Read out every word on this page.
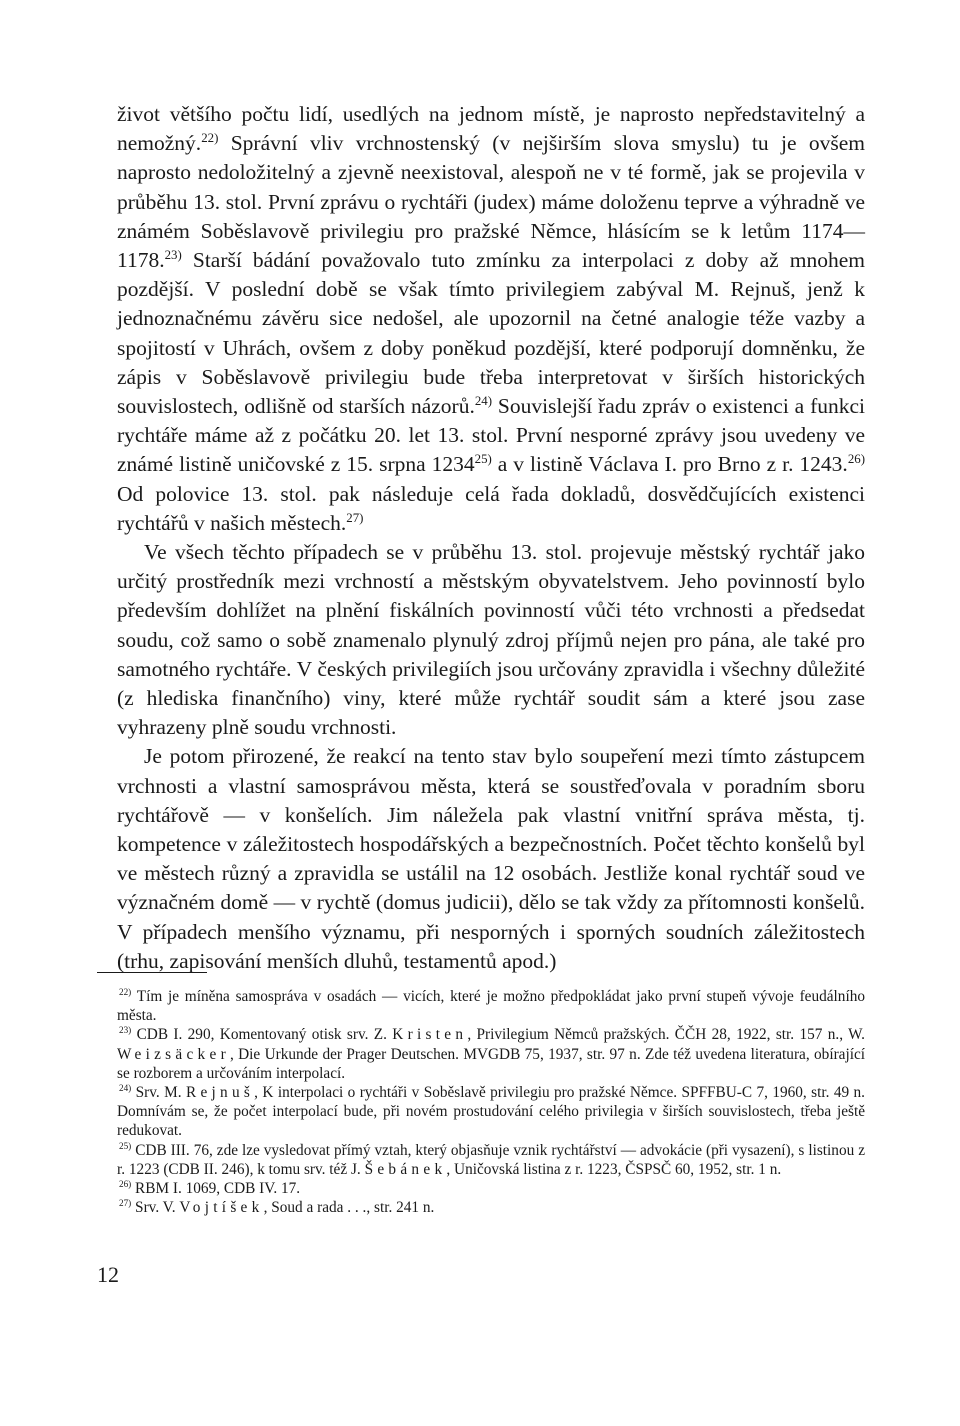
život většího počtu lidí, usedlých na jednom místě, je naprosto nepředstavitelný a nemožný.$^{22)}$ Správní vliv vrchnostenský (v nejširším slova smyslu) tu je ovšem naprosto nedoložitelný a zjevně neexistoval, alespoň ne v té formě, jak se projevila v průběhu 13. stol. První zprávu o rychtáři (judex) máme doloženu teprve a výhradně ve známém Soběslavově privilegiu pro pražské Němce, hlásícím se k letům 1174—1178.$^{23)}$ Starší bádání považovalo tuto zmínku za interpolaci z doby až mnohem pozdější. V poslední době se však tímto privilegiem zabýval M. Rejnuš, jenž k jednoznačnému závěru sice nedošel, ale upozornil na četné analogie téže vazby a spojitostí v Uhrách, ovšem z doby poněkud pozdější, které podporují domněnku, že zápis v Soběslavově privilegiu bude třeba interpretovat v širších historických souvislostech, odlišně od starších názorů.$^{24)}$ Souvislejší řadu zpráv o existenci a funkci rychtáře máme až z počátku 20. let 13. stol. První nesporné zprávy jsou uvedeny ve známé listině uničovské z 15. srpna 1234$^{25)}$ a v listině Václava I. pro Brno z r. 1243.$^{26)}$ Od polovice 13. stol. pak následuje celá řada dokladů, dosvědčujících existenci rychtářů v našich městech.$^{27)}$

Ve všech těchto případech se v průběhu 13. stol. projevuje městský rychtář jako určitý prostředník mezi vrchností a městským obyvatelstvem. Jeho povinností bylo především dohlížet na plnění fiskálních povinností vůči této vrchnosti a předsedat soudu, což samo o sobě znamenalo plynulý zdroj příjmů nejen pro pána, ale také pro samotného rychtáře. V českých privilegiích jsou určovány zpravidla i všechny důležité (z hlediska finančního) viny, které může rychtář soudit sám a které jsou zase vyhrazeny plně soudu vrchnosti.

Je potom přirozené, že reakcí na tento stav bylo soupeření mezi tímto zástupcem vrchnosti a vlastní samosprávou města, která se soustřeďovala v poradním sboru rychtářově — v konšelích. Jim náležela pak vlastní vnitřní správa města, tj. kompetence v záležitostech hospodářských a bezpečnostních. Počet těchto konšelů byl ve městech různý a zpravidla se ustálil na 12 osobách. Jestliže konal rychtář soud ve význačném domě — v rychtě (domus judicii), dělo se tak vždy za přítomnosti konšelů. V případech menšího významu, při nesporných i sporných soudních záležitostech (trhu, zapisování menších dluhů, testamentů apod.)

$^{22)}$ Tím je míněna samospráva v osadách — vicích, které je možno předpokládat jako první stupeň vývoje feudálního města.

$^{23)}$ CDB I. 290, Komentovaný otisk srv. Z. Kristen, Privilegium Němců pražských. ČČH 28, 1922, str. 157 n., W. Weizsäcker, Die Urkunde der Prager Deutschen. MVGDB 75, 1937, str. 97 n. Zde též uvedena literatura, obírající se rozborem a určováním interpolací.

$^{24)}$ Srv. M. Rejnuš, K interpolaci o rychtáři v Soběslavě privilegiu pro pražské Němce. SPFFBU-C 7, 1960, str. 49 n. Domnívám se, že počet interpolací bude, při novém prostudování celého privilegia v širších souvislostech, třeba ještě redukovat.

$^{25)}$ CDB III. 76, zde lze vysledovat přímý vztah, který objasňuje vznik rychtářství — advokácie (při vysazení), s listinou z r. 1223 (CDB II. 246), k tomu srv. též J. Šebánek, Uničovská listina z r. 1223, ČSPSČ 60, 1952, str. 1 n.

$^{26)}$ RBM I. 1069, CDB IV. 17.

$^{27)}$ Srv. V. Vojtíšek, Soud a rada . . ., str. 241 n.

12
